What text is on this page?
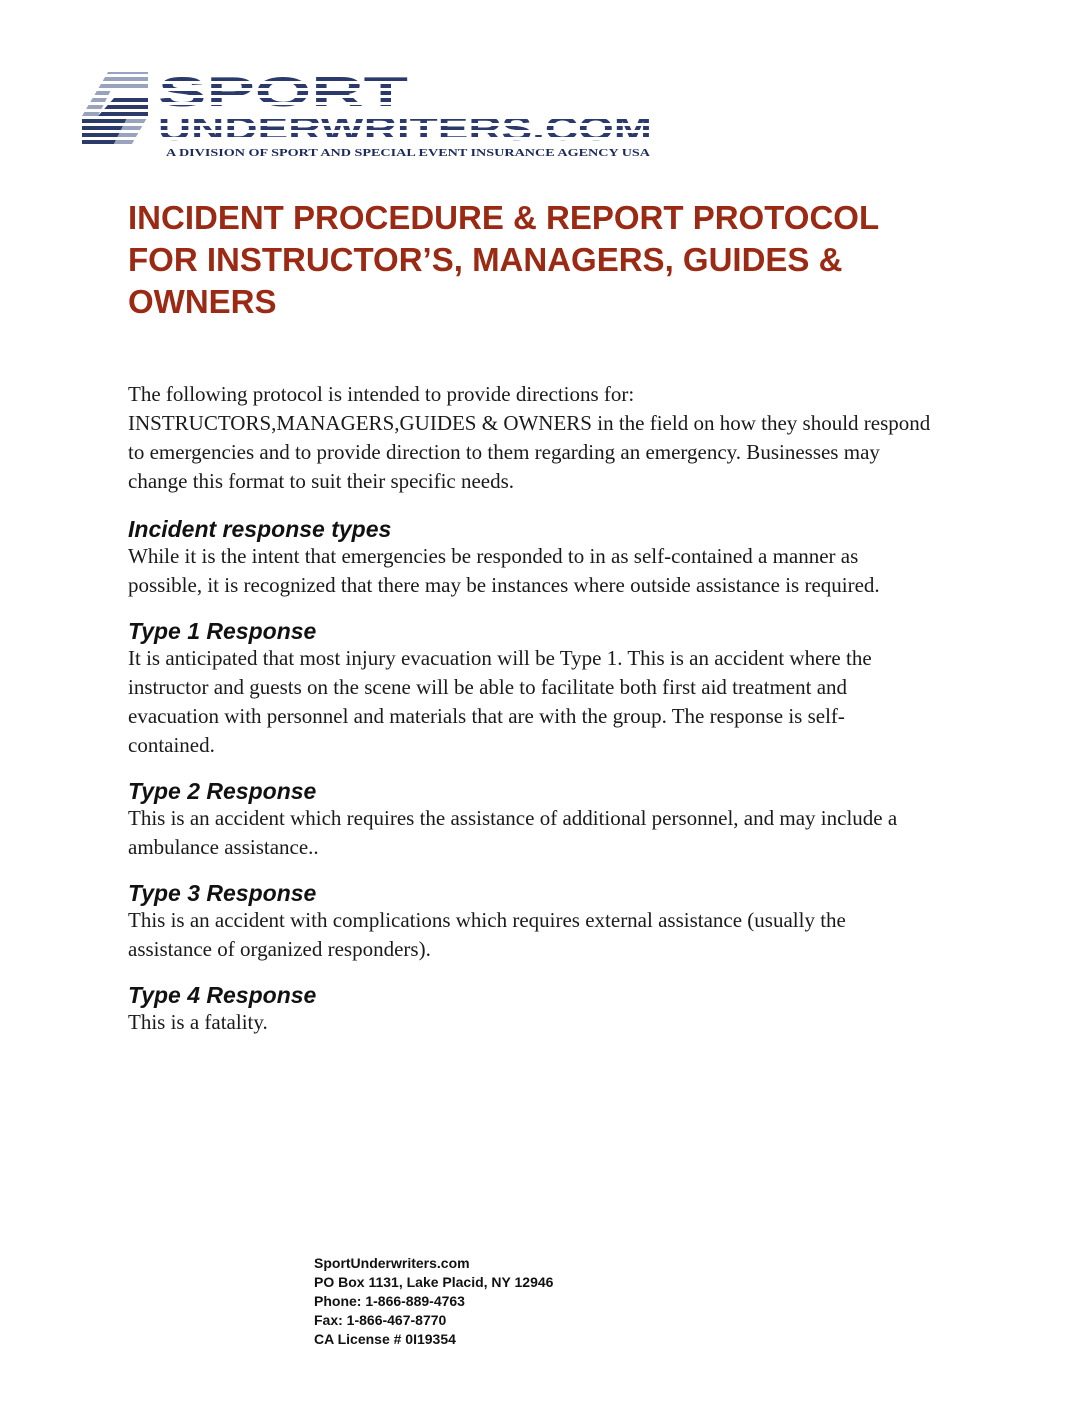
SPORT
UNDERWRITERS.COM
A DIVISION OF SPORT AND SPECIAL EVENT INSURANCE AGENCY USA
INCIDENT PROCEDURE & REPORT PROTOCOL
FOR INSTRUCTOR’S, MANAGERS, GUIDES &
OWNERS

The following protocol is intended to provide directions for:
INSTRUCTORS,MANAGERS,GUIDES & OWNERS in the field on how they should respond
to emergencies and to provide direction to them regarding an emergency. Businesses may
change this format to suit their specific needs.

Incident response types

While it is the intent that emergencies be responded to in as self-contained a manner as
possible, it is recognized that there may be instances where outside assistance is required.

Type 1 Response

It is anticipated that most injury evacuation will be Type 1. This is an accident where the
instructor and guests on the scene will be able to facilitate both first aid treatment and
evacuation with personnel and materials that are with the group. The response is self-
contained.

Type 2 Response

This is an accident which requires the assistance of additional personnel, and may include a
ambulance assistance..

Type 3 Response

This is an accident with complications which requires external assistance (usually the
assistance of organized responders).

Type 4 Response

This is a fatality.

SportUnderwriters.com
PO Box 1131, Lake Placid, NY 12946
Phone: 1-866-889-4763
Fax: 1-866-467-8770
CA License # 0I19354
